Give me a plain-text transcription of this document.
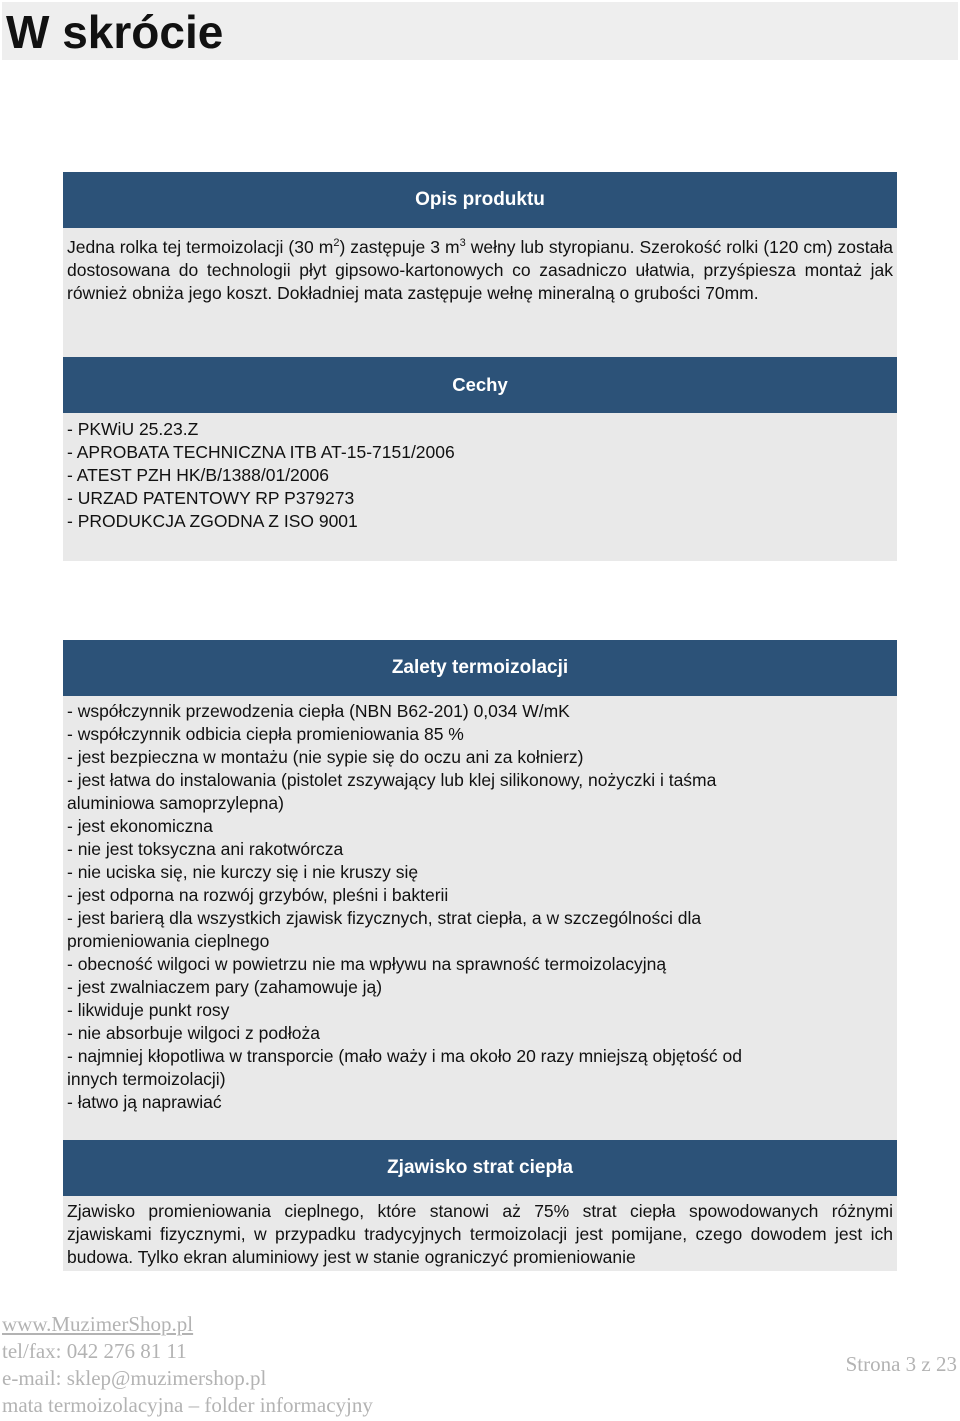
W skrócie
Opis produktu
Jedna rolka tej termoizolacji (30 $m^2$) zastępuje 3 $m^3$ wełny lub styropianu. Szerokość rolki (120 cm) została dostosowana do technologii płyt gipsowo-kartonowych co zasadniczo ułatwia, przyśpiesza montaż jak również obniża jego koszt. Dokładniej mata zastępuje wełnę mineralną o grubości 70mm.
Cechy
- PKWiU 25.23.Z
- APROBATA TECHNICZNA ITB AT-15-7151/2006
- ATEST PZH HK/B/1388/01/2006
- URZAD PATENTOWY RP P379273
- PRODUKCJA ZGODNA Z ISO 9001
Zalety termoizolacji
- współczynnik przewodzenia ciepła (NBN B62-201) 0,034 W/mK
- współczynnik odbicia ciepła promieniowania 85 %
- jest bezpieczna w montażu (nie sypie się do oczu ani za kołnierz)
- jest łatwa do instalowania (pistolet zszywający lub klej silikonowy, nożyczki i taśma
aluminiowa samoprzylepna)
- jest ekonomiczna
- nie jest toksyczna ani rakotwórcza
- nie uciska się, nie kurczy się i nie kruszy się
- jest odporna na rozwój grzybów, pleśni i bakterii
- jest barierą dla wszystkich zjawisk fizycznych, strat ciepła, a w szczególności dla
promieniowania cieplnego
- obecność wilgoci w powietrzu nie ma wpływu na sprawność termoizolacyjną
- jest zwalniaczem pary (zahamowuje ją)
- likwiduje punkt rosy
- nie absorbuje wilgoci z podłoża
- najmniej kłopotliwa w transporcie (mało waży i ma około 20 razy mniejszą objętość od
innych termoizolacji)
- łatwo ją naprawiać
Zjawisko strat ciepła
Zjawisko promieniowania cieplnego, które stanowi aż 75% strat ciepła spowodowanych różnymi zjawiskami fizycznymi, w przypadku tradycyjnych termoizolacji jest pomijane, czego dowodem jest ich budowa. Tylko ekran aluminiowy jest w stanie ograniczyć promieniowanie
www.MuzimerShop.pl
tel/fax: 042 276 81 11
e-mail: sklep@muzimershop.pl
mata termoizolacyjna – folder informacyjny
Strona 3 z 23
